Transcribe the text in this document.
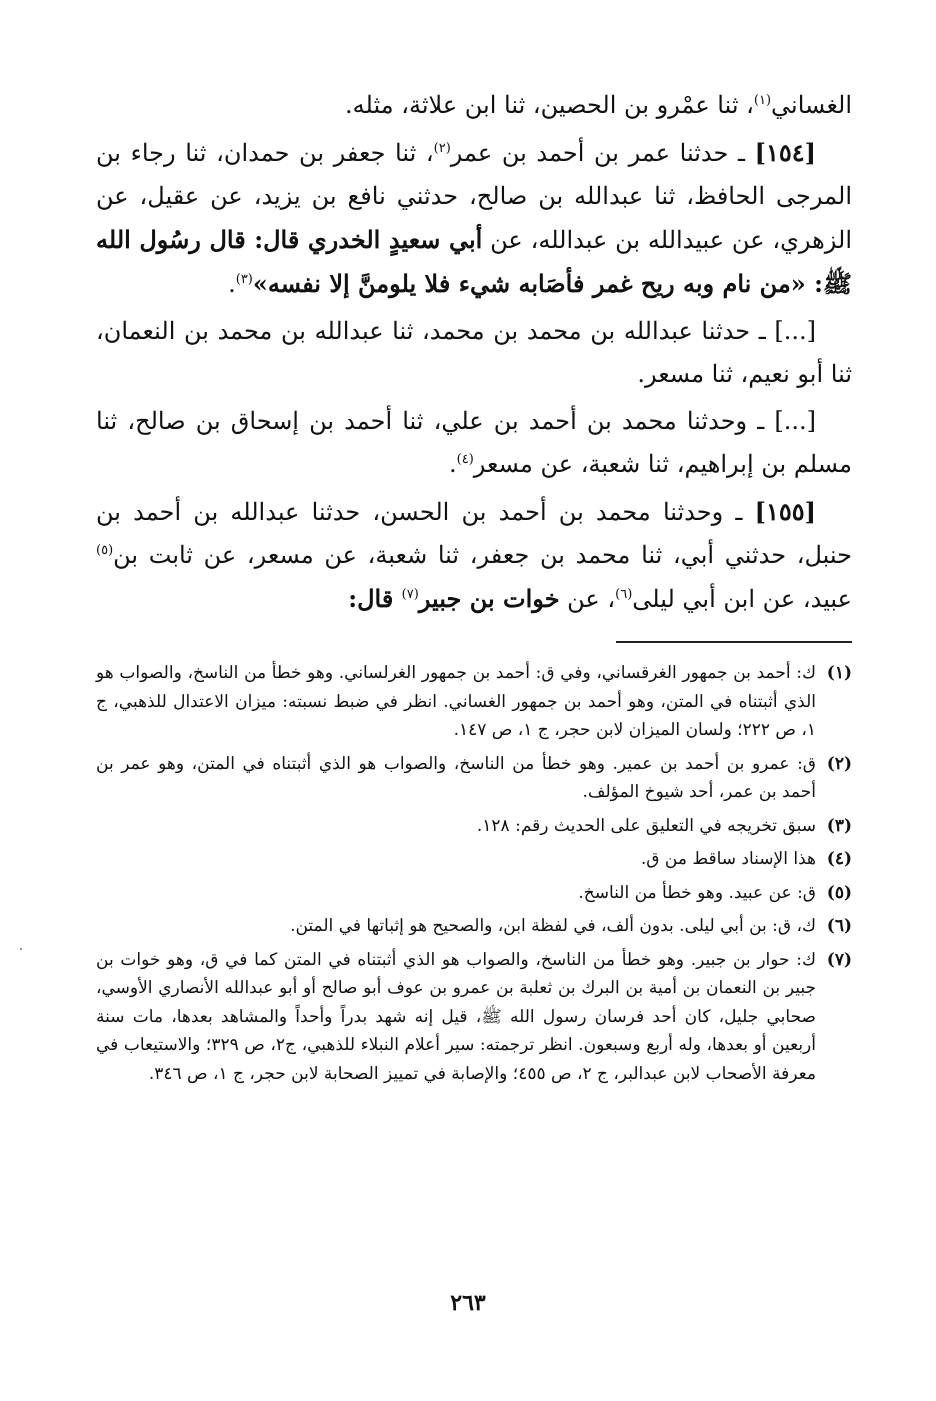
الغساني$^{(١)}$، ثنا عمْرو بن الحصين، ثنا ابن علاثة، مثله.

[١٥٤] ـ حدثنا عمر بن أحمد بن عمر$^{(٢)}$، ثنا جعفر بن حمدان، ثنا رجاء بن المرجى الحافظ، ثنا عبدالله بن صالح، حدثني نافع بن يزيد، عن عقيل، عن الزهري، عن عبيدالله بن عبدالله، عن أبي سعيدٍ الخدري قال: قال رسُول الله ﷺ: «من نام وبه ريح غمر فأصَابه شيء فلا يلومنَّ إلا نفسه»$^{(٣)}$.

[...] ـ حدثنا عبدالله بن محمد بن محمد، ثنا عبدالله بن محمد بن النعمان، ثنا أبو نعيم، ثنا مسعر.

[...] ـ وحدثنا محمد بن أحمد بن علي، ثنا أحمد بن إسحاق بن صالح، ثنا مسلم بن إبراهيم، ثنا شعبة، عن مسعر$^{(٤)}$.

[١٥٥] ـ وحدثنا محمد بن أحمد بن الحسن، حدثنا عبدالله بن أحمد بن حنبل، حدثني أبي، ثنا محمد بن جعفر، ثنا شعبة، عن مسعر، عن ثابت بن$^{(٥)}$ عبيد، عن ابن أبي ليلى$^{(٦)}$، عن خوات بن جبير$^{(٧)}$ قال:

(١)
ك: أحمد بن جمهور الغرقساني، وفي ق: أحمد بن جمهور الغرلساني. وهو خطأ من الناسخ، والصواب هو الذي أثبتناه في المتن، وهو أحمد بن جمهور الغساني. انظر في ضبط نسبته: ميزان الاعتدال للذهبي، ج ١، ص ٢٢٢؛ ولسان الميزان لابن حجر، ج ١، ص ١٤٧.
(٢)
ق: عمرو بن أحمد بن عمير. وهو خطأ من الناسخ، والصواب هو الذي أثبتناه في المتن، وهو عمر بن أحمد بن عمر، أحد شيوخ المؤلف.
(٣)
سبق تخريجه في التعليق على الحديث رقم: ١٢٨.
(٤)
هذا الإسناد ساقط من ق.
(٥)
ق: عن عبيد. وهو خطأ من الناسخ.
(٦)
ك، ق: بن أبي ليلى. بدون ألف، في لفظة ابن، والصحيح هو إثباتها في المتن.
(٧)
ك: حوار بن جبير. وهو خطأ من الناسخ، والصواب هو الذي أثبتناه في المتن كما في ق، وهو خوات بن جبير بن النعمان بن أمية بن البرك بن ثعلبة بن عمرو بن عوف أبو صالح أو أبو عبدالله الأنصاري الأوسي، صحابي جليل، كان أحد فرسان رسول الله ﷺ، قيل إنه شهد بدراً وأحداً والمشاهد بعدها، مات سنة أربعين أو بعدها، وله أربع وسبعون. انظر ترجمته: سير أعلام النبلاء للذهبي، ج٢، ص ٣٢٩؛ والاستيعاب في معرفة الأصحاب لابن عبدالبر، ج ٢، ص ٤٥٥؛ والإصابة في تمييز الصحابة لابن حجر، ج ١، ص ٣٤٦.
٢٦٣
